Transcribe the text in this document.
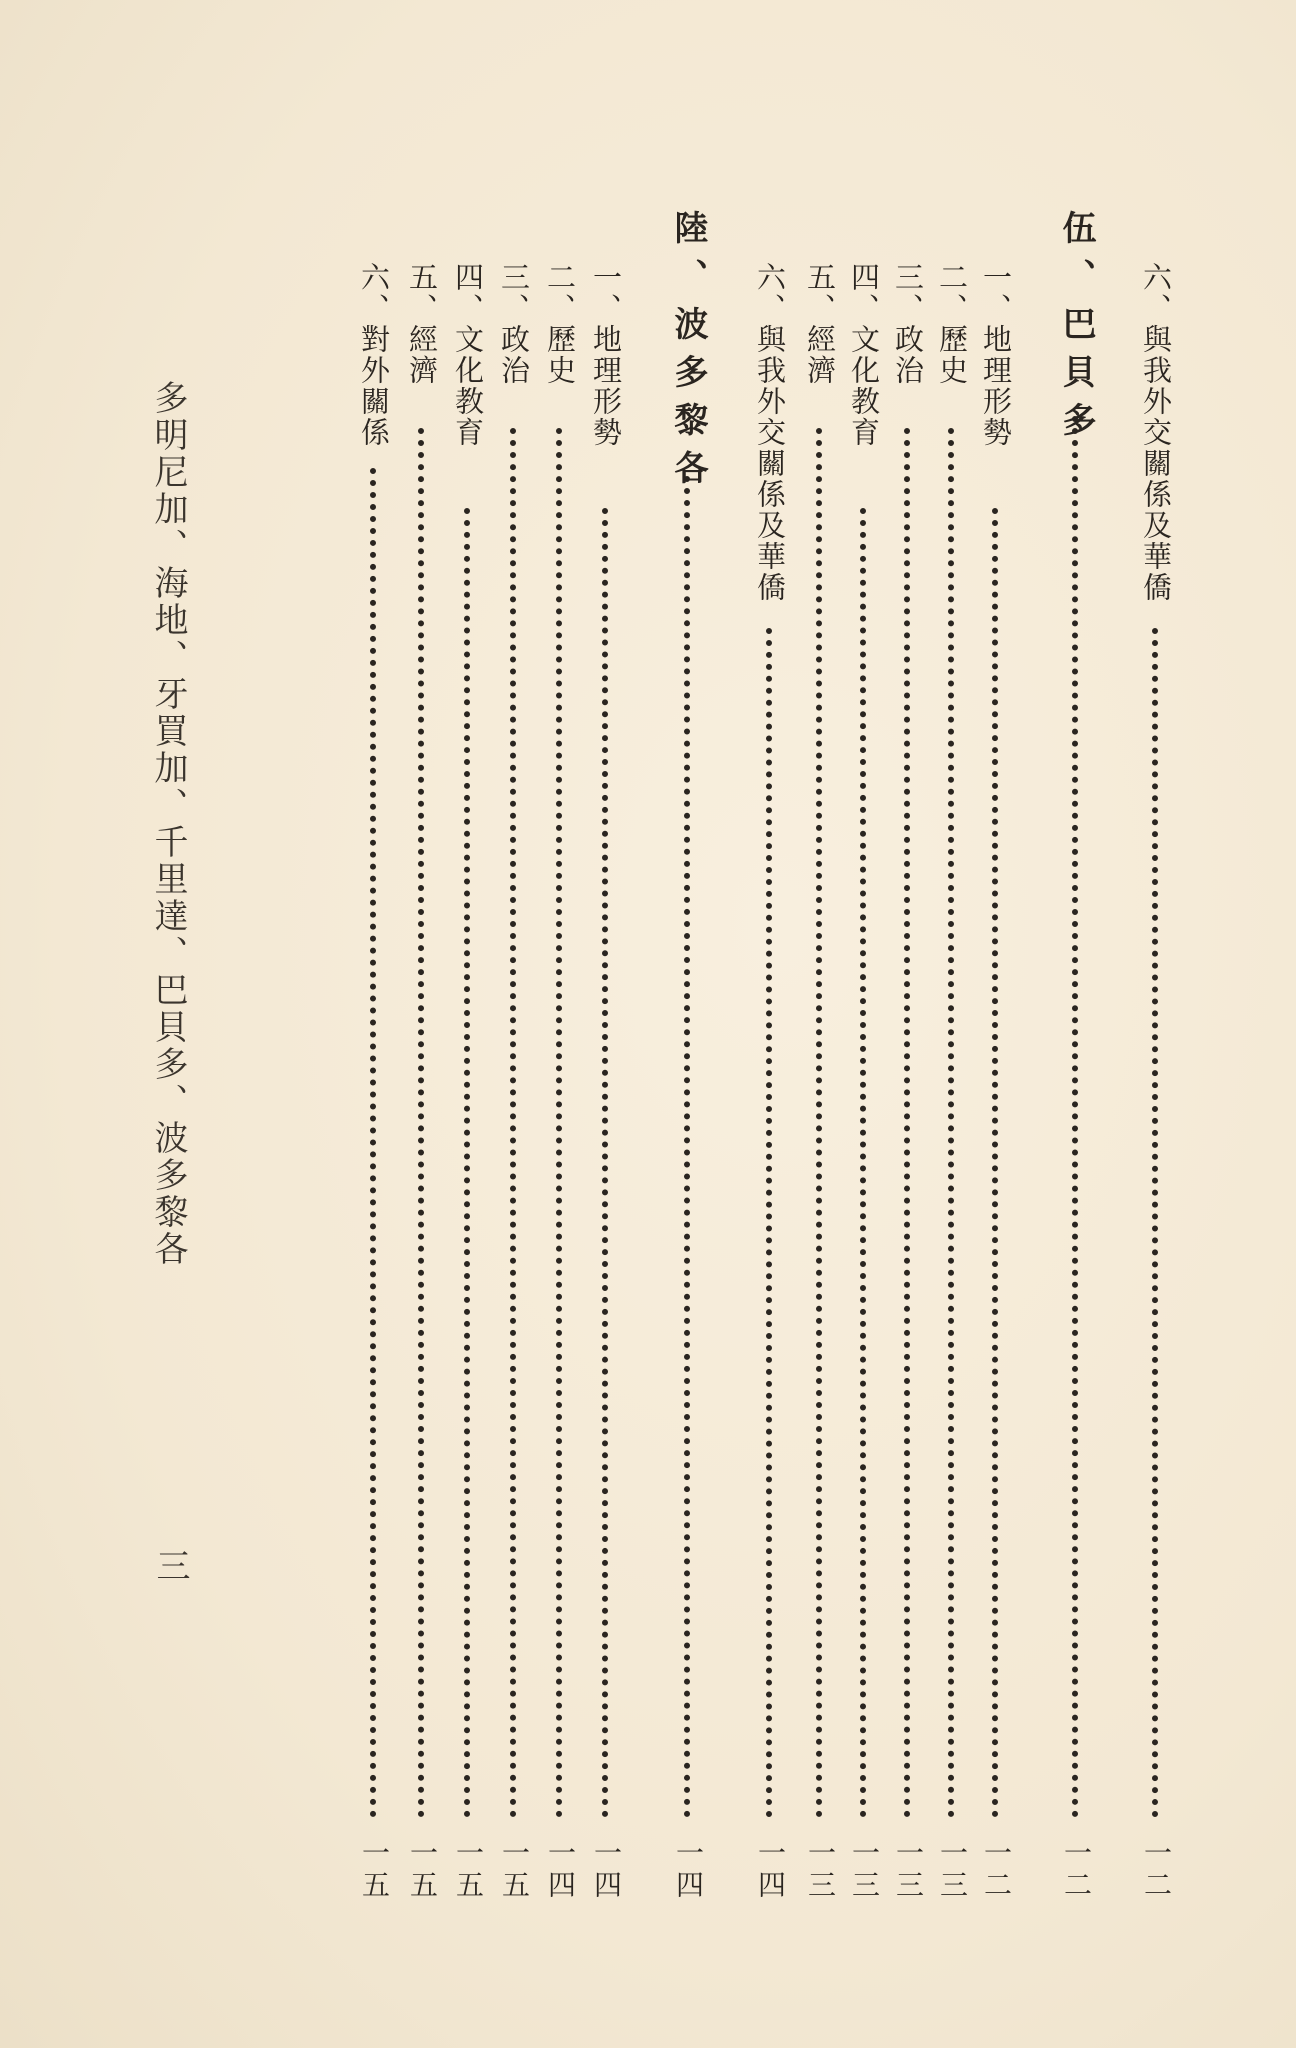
六、與我外交關係及華僑
一二
伍、巴貝多
一二
一、地理形勢
一二
二、歷史
一三
三、政治
一三
四、文化教育
一三
五、經濟
一三
六、與我外交關係及華僑
一四
陸、波多黎各
一四
一、地理形勢
一四
二、歷史
一四
三、政治
一五
四、文化教育
一五
五、經濟
一五
六、對外關係
一五
多明尼加、海地、牙買加、千里達、巴貝多、波多黎各
三
